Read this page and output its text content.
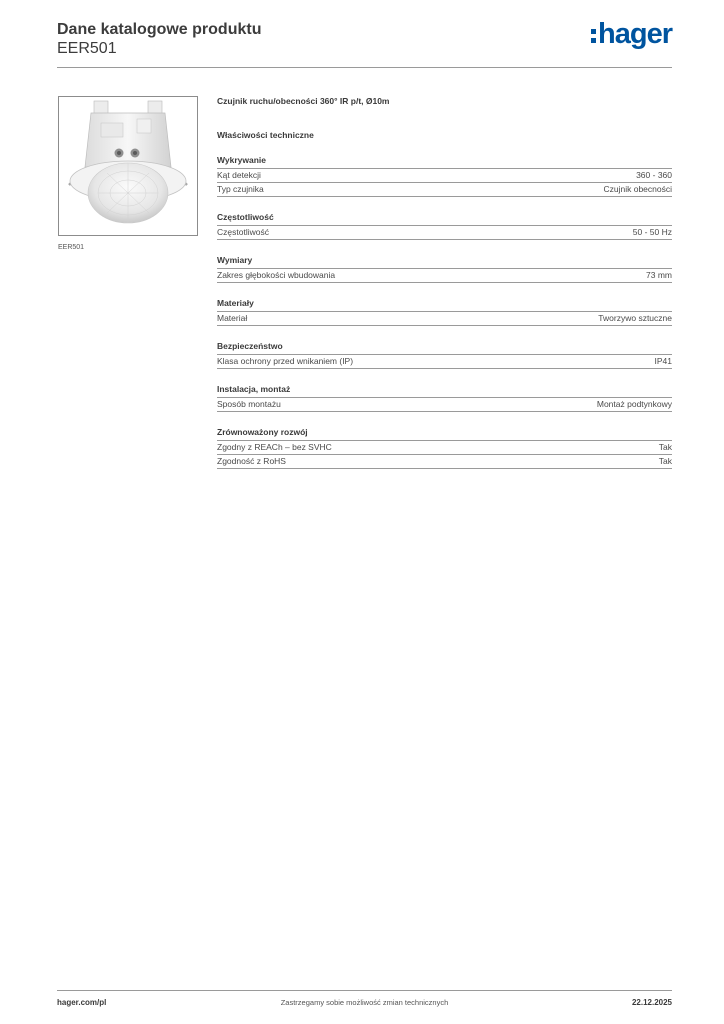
Dane katalogowe produktu
EER501	hager
EER501
Czujnik ruchu/obecności 360° IR p/t, Ø10m
Właściwości techniczne
Wykrywanie
Kąt detekcji	360 - 360
Typ czujnika	Czujnik obecności
Częstotliwość
Częstotliwość	50 - 50 Hz
Wymiary
Zakres głębokości wbudowania	73 mm
Materiały
Materiał	Tworzywo sztuczne
Bezpieczeństwo
Klasa ochrony przed wnikaniem (IP)	IP41
Instalacja, montaż
Sposób montażu	Montaż podtynkowy
Zrównoważony rozwój
Zgodny z REACh – bez SVHC	Tak
Zgodność z RoHS	Tak
hager.com/pl	Zastrzegamy sobie możliwość zmian technicznych	22.12.2025
